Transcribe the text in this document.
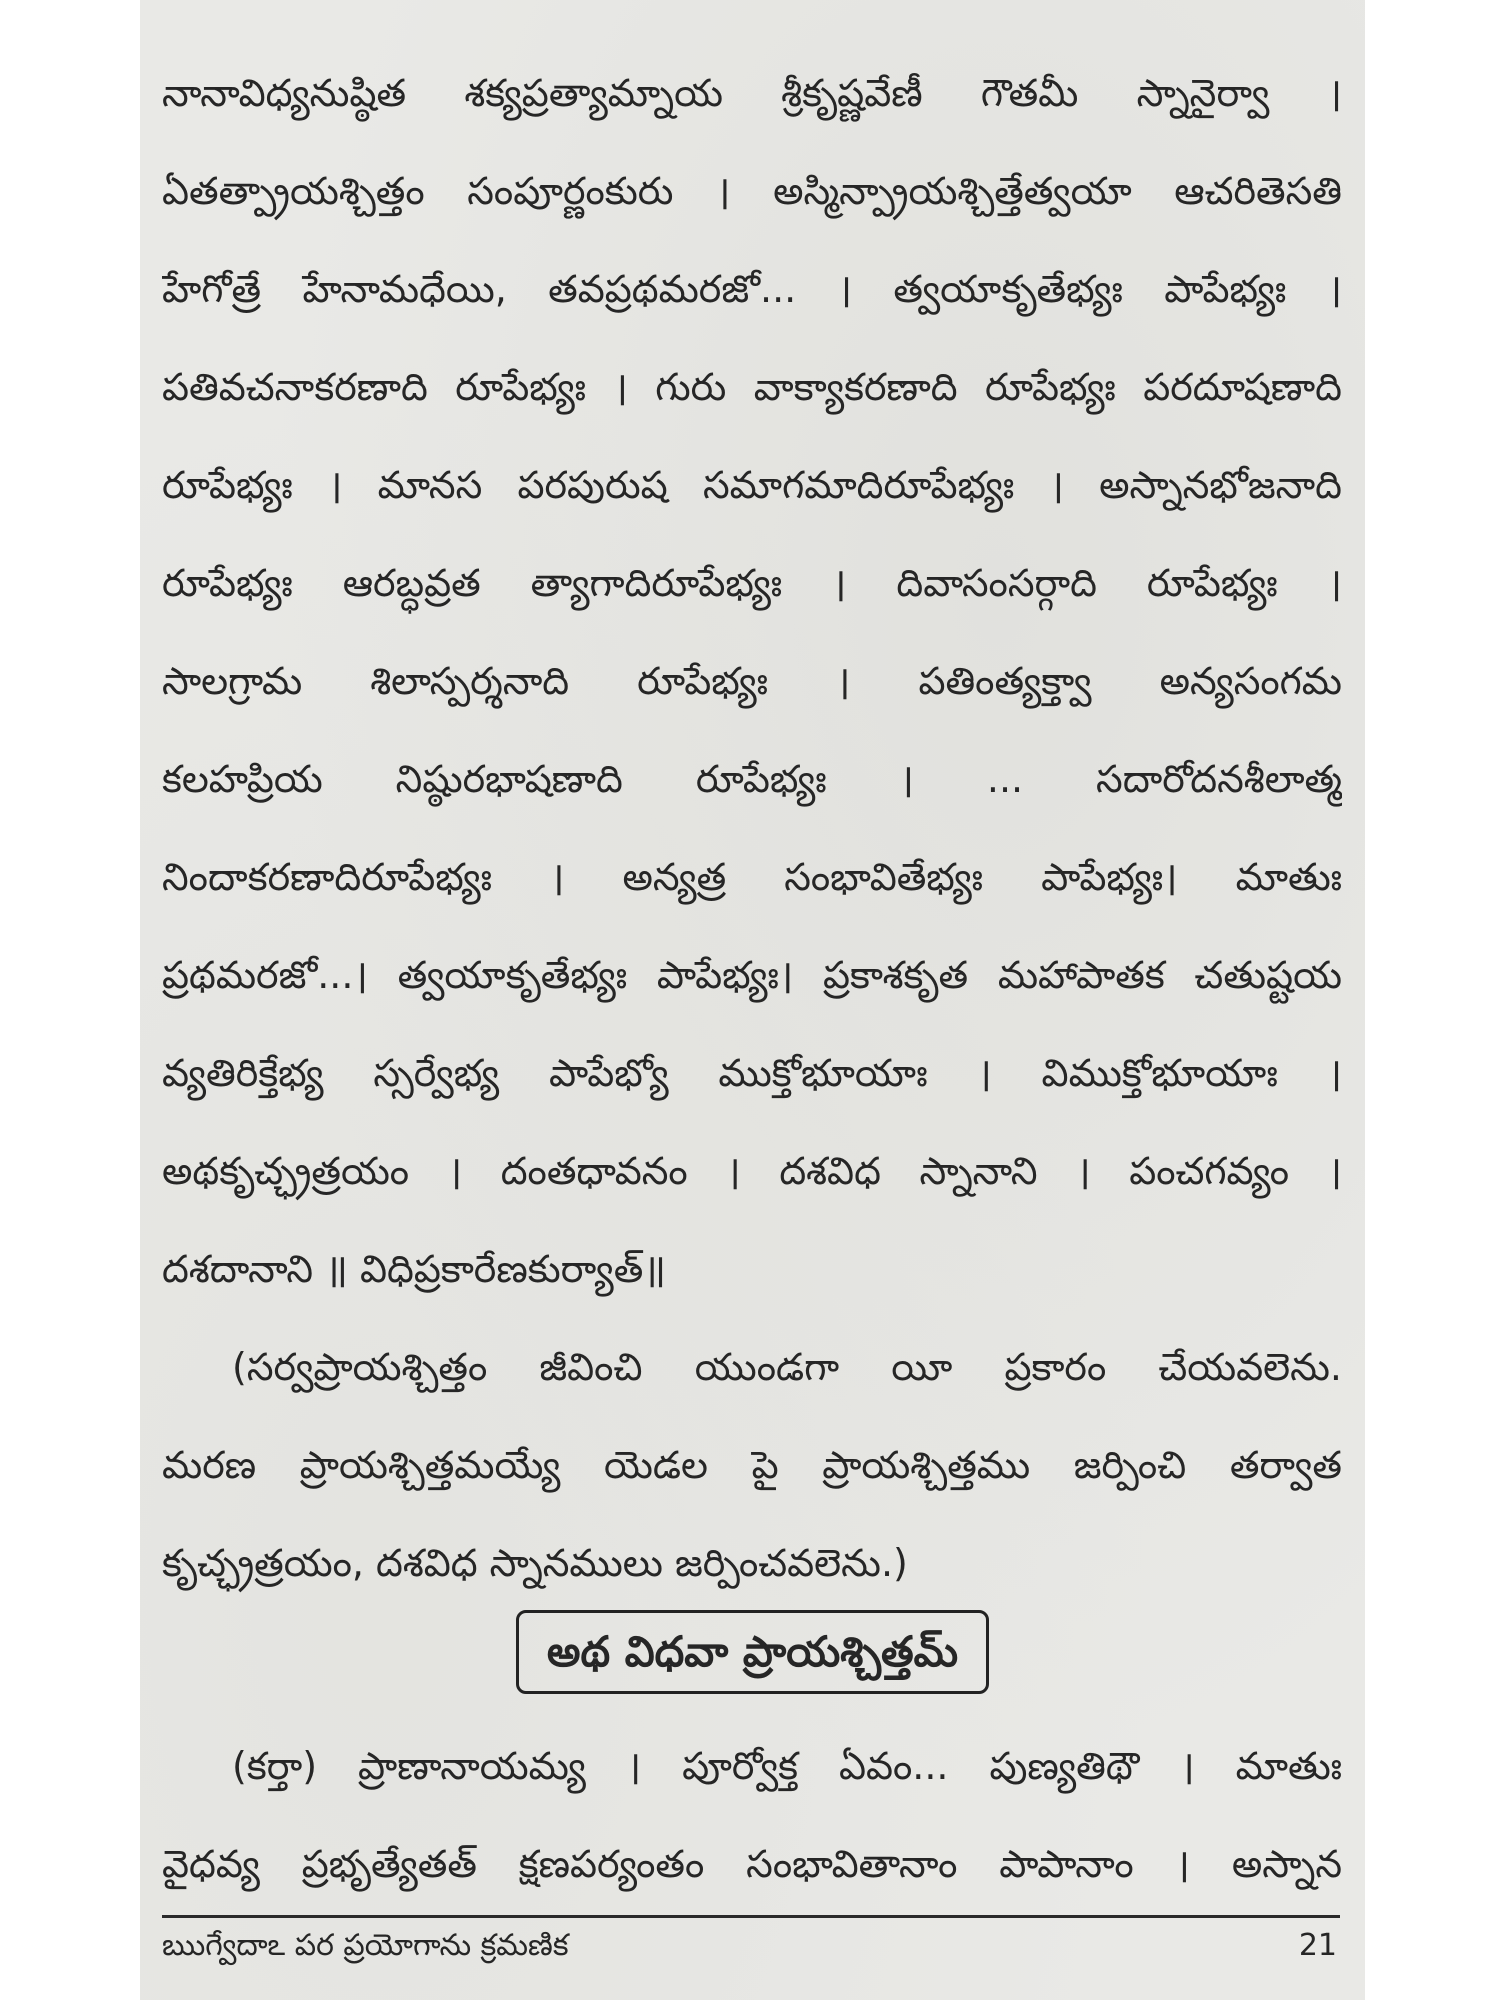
నానావిధ్యనుష్ఠిత శక్యప్రత్యామ్నాయ శ్రీకృష్ణవేణీ గౌతమీ స్నానైర్వా ।
ఏతత్ప్రాయశ్చిత్తం సంపూర్ణంకురు । అస్మిన్ప్రాయశ్చిత్తేత్వయా ఆచరితెసతి
హేగోత్రే హేనామధేయి, తవప్రథమరజో... । త్వయాకృతేభ్యః పాపేభ్యః ।
పతివచనాకరణాది రూపేభ్యః । గురు వాక్యాకరణాది రూపేభ్యః పరదూషణాది
రూపేభ్యః । మానస పరపురుష సమాగమాదిరూపేభ్యః । అస్నానభోజనాది
రూపేభ్యః ఆరబ్ధవ్రత త్యాగాదిరూపేభ్యః । దివాసంసర్గాది రూపేభ్యః ।
సాలగ్రామ శిలాస్పర్శనాది రూపేభ్యః । పతింత్యక్త్వా అన్యసంగమ
కలహప్రియ నిష్ఠురభాషణాది రూపేభ్యః । ... సదారోదనశీలాత్మ
నిందాకరణాదిరూపేభ్యః । అన్యత్ర సంభావితేభ్యః పాపేభ్యః। మాతుః
ప్రథమరజో...। త్వయాకృతేభ్యః పాపేభ్యః। ప్రకాశకృత మహాపాతక చతుష్టయ
వ్యతిరిక్తేభ్య స్సర్వేభ్య పాపేభ్యో ముక్తోభూయాః । విముక్తోభూయాః ।
అథకృచ్ఛ్రత్రయం । దంతధావనం । దశవిధ స్నానాని । పంచగవ్యం ।
దశదానాని ॥ విధిప్రకారేణకుర్యాత్॥
(సర్వప్రాయశ్చిత్తం జీవించి యుండగా యీ ప్రకారం చేయవలెను.
మరణ ప్రాయశ్చిత్తమయ్యే యెడల పై ప్రాయశ్చిత్తము జర్పించి తర్వాత
కృచ్ఛ్రత్రయం, దశవిధ స్నానములు జర్పించవలెను.)
అథ విధవా ప్రాయశ్చిత్తమ్
(కర్తా) ప్రాణానాయమ్య । పూర్వోక్త ఏవం... పుణ్యతిథౌ । మాతుః
వైధవ్య ప్రభృత్యేతత్ క్షణపర్యంతం సంభావితానాం పాపానాం । అస్నాన
ఋగ్వేదాఽ పర ప్రయోగాను క్రమణిక	21
